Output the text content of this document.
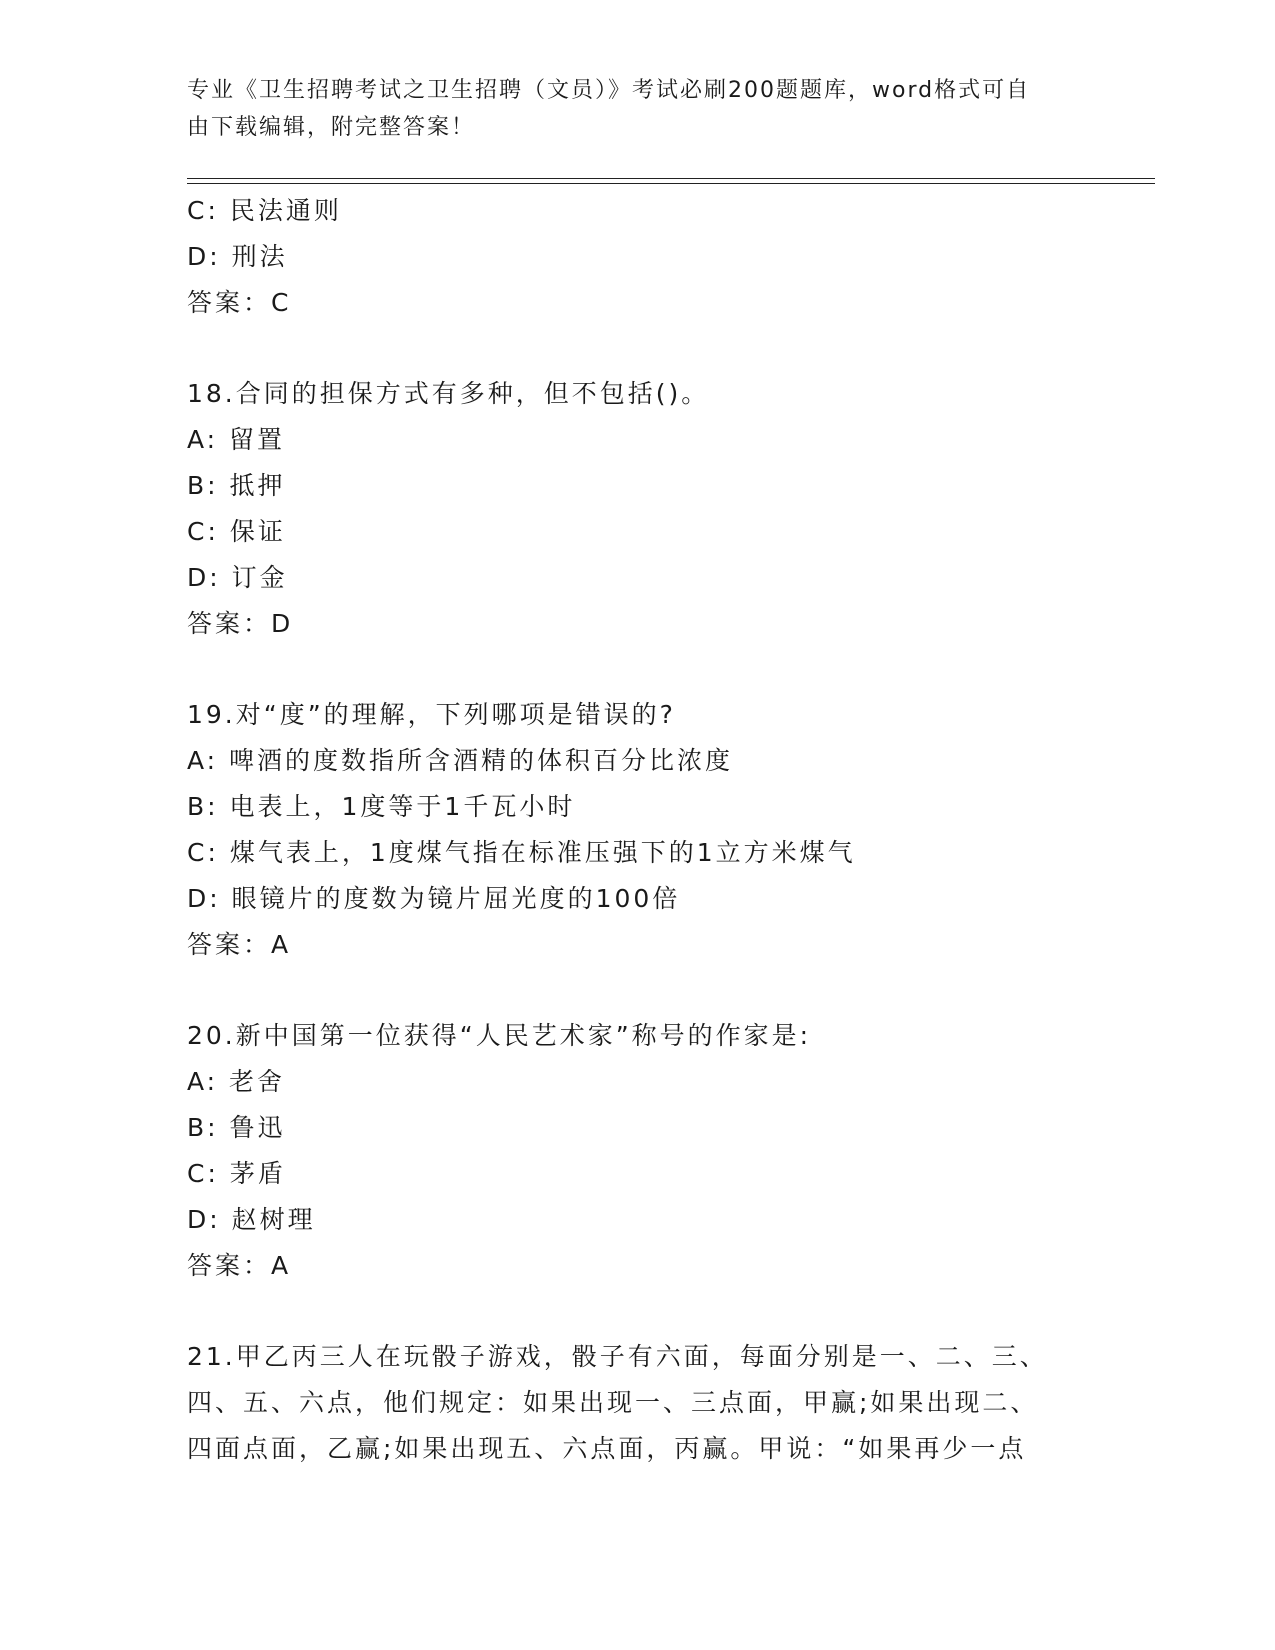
专业《卫生招聘考试之卫生招聘（文员）》考试必刷200题题库，word格式可自
由下载编辑，附完整答案！
C: 民法通则
D: 刑法
答案：C
18.合同的担保方式有多种，但不包括()。
A: 留置
B: 抵押
C: 保证
D: 订金
答案：D
19.对“度”的理解，下列哪项是错误的?
A: 啤酒的度数指所含酒精的体积百分比浓度
B: 电表上，1度等于1千瓦小时
C: 煤气表上，1度煤气指在标准压强下的1立方米煤气
D: 眼镜片的度数为镜片屈光度的100倍
答案：A
20.新中国第一位获得“人民艺术家”称号的作家是:
A: 老舍
B: 鲁迅
C: 茅盾
D: 赵树理
答案：A
21.甲乙丙三人在玩骰子游戏，骰子有六面，每面分别是一、二、三、
四、五、六点，他们规定：如果出现一、三点面，甲赢;如果出现二、
四面点面，乙赢;如果出现五、六点面，丙赢。甲说：“如果再少一点
